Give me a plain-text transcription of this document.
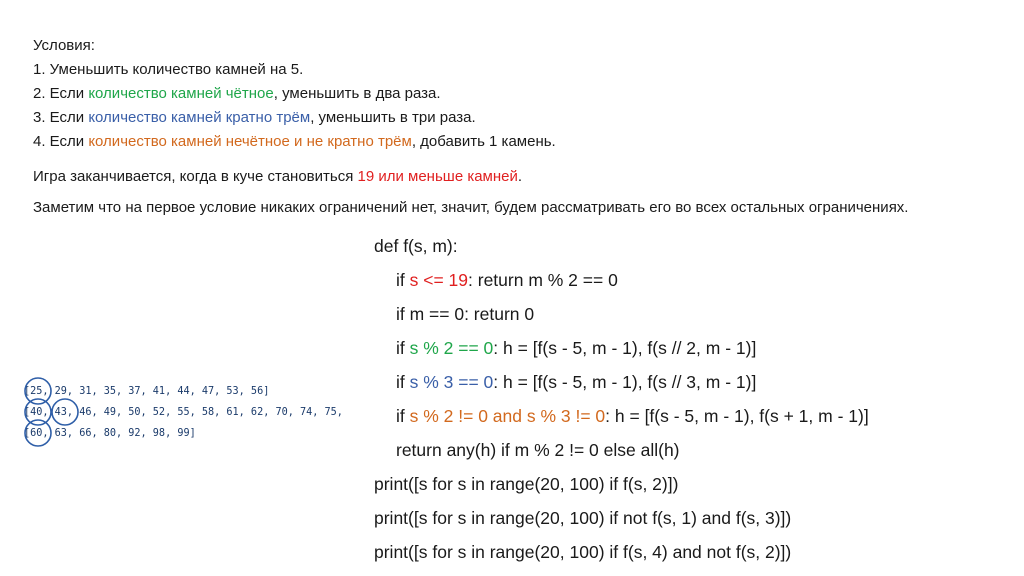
Условия:
1. Уменьшить количество камней на 5.
2. Если количество камней чётное, уменьшить в два раза.
3. Если количество камней кратно трём, уменьшить в три раза.
4. Если количество камней нечётное и не кратно трём, добавить 1 камень.
Игра заканчивается, когда в куче становиться 19 или меньше камней.
Заметим что на первое условие никаких ограничений нет, значит, будем рассматривать его во всех остальных ограничениях.
def f(s, m):
if s <= 19: return m % 2 == 0
if m == 0: return 0
if s % 2 == 0: h = [f(s - 5, m - 1), f(s // 2, m - 1)]
if s % 3 == 0: h = [f(s - 5, m - 1), f(s // 3, m - 1)]
if s % 2 != 0 and s % 3 != 0: h = [f(s - 5, m - 1), f(s + 1, m - 1)]
return any(h) if m % 2 != 0 else all(h)
print([s for s in range(20, 100) if f(s, 2)])
print([s for s in range(20, 100) if not f(s, 1) and f(s, 3)])
print([s for s in range(20, 100) if f(s, 4) and not f(s, 2)])
[25, 29, 31, 35, 37, 41, 44, 47, 53, 56]
[40, 43, 46, 49, 50, 52, 55, 58, 61, 62, 70, 74, 75,
[60, 63, 66, 80, 92, 98, 99]
